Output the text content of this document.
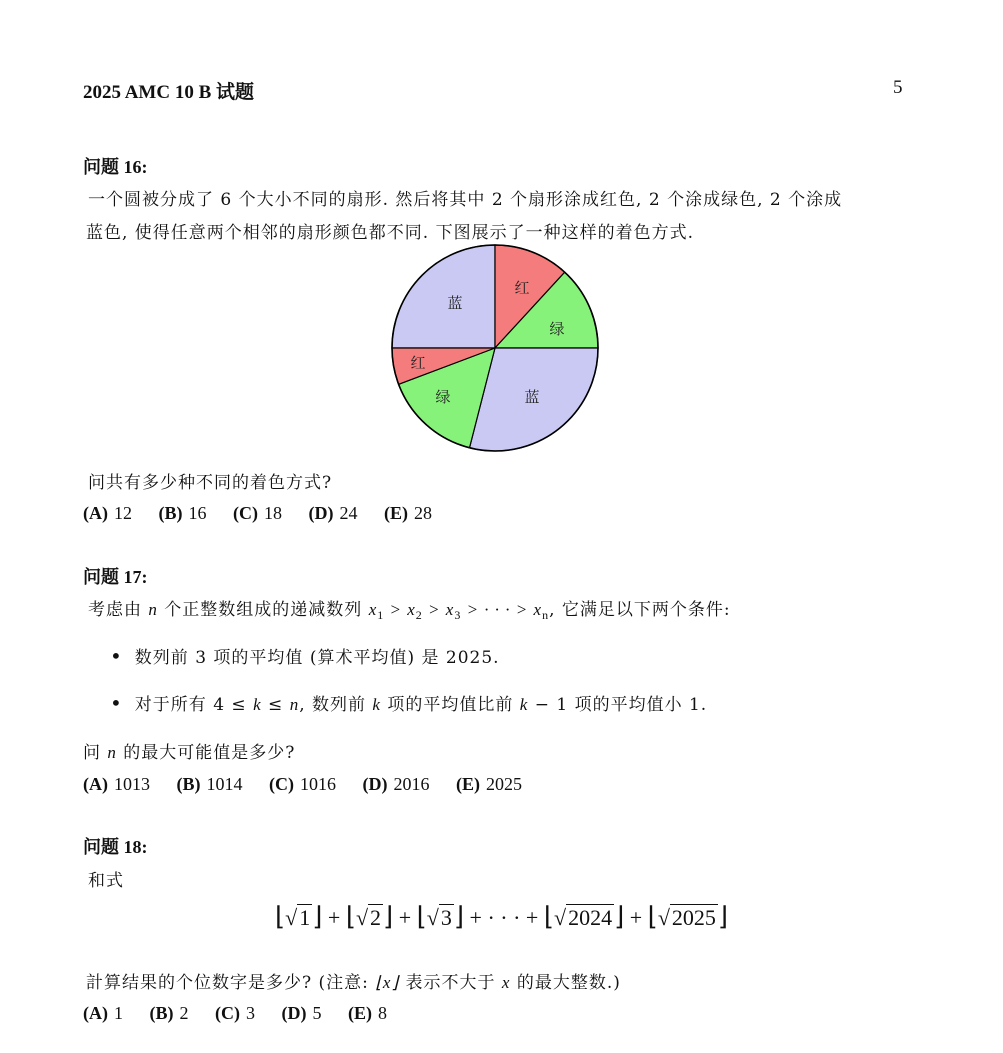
2025 AMC 10 B 试题	5
问题 16:
一个圆被分成了 6 个大小不同的扇形. 然后将其中 2 个扇形涂成红色, 2 个涂成绿色, 2 个涂成
蓝色, 使得任意两个相邻的扇形颜色都不同. 下图展示了一种这样的着色方式.
蓝
红
绿
红
绿	蓝
问共有多少种不同的着色方式?
(A) 12 (B) 16 (C) 18 (D) 24 (E) 28
问题 17:
考虑由 n 个正整数组成的递减数列 $x_1 > x_2 > x_3$ > · · · > $x_n$, 它满足以下两个条件:
• 数列前 3 项的平均值 (算术平均值) 是 2025.
• 对于所有 4 ≤ k ≤ n, 数列前 k 项的平均值比前 k − 1 项的平均值小 1.
问 n 的最大可能值是多少?
(A) 1013 (B) 1014 (C) 1016 (D) 2016 (E) 2025
问题 18:
和式
⌊√1⌋ + ⌊√2⌋ + ⌊√3⌋ + · · · + ⌊√2024⌋ + ⌊√2025⌋
計算结果的个位数字是多少? (注意: ⌊x⌋ 表示不大于 x 的最大整数.)
(A) 1 (B) 2 (C) 3 (D) 5 (E) 8
